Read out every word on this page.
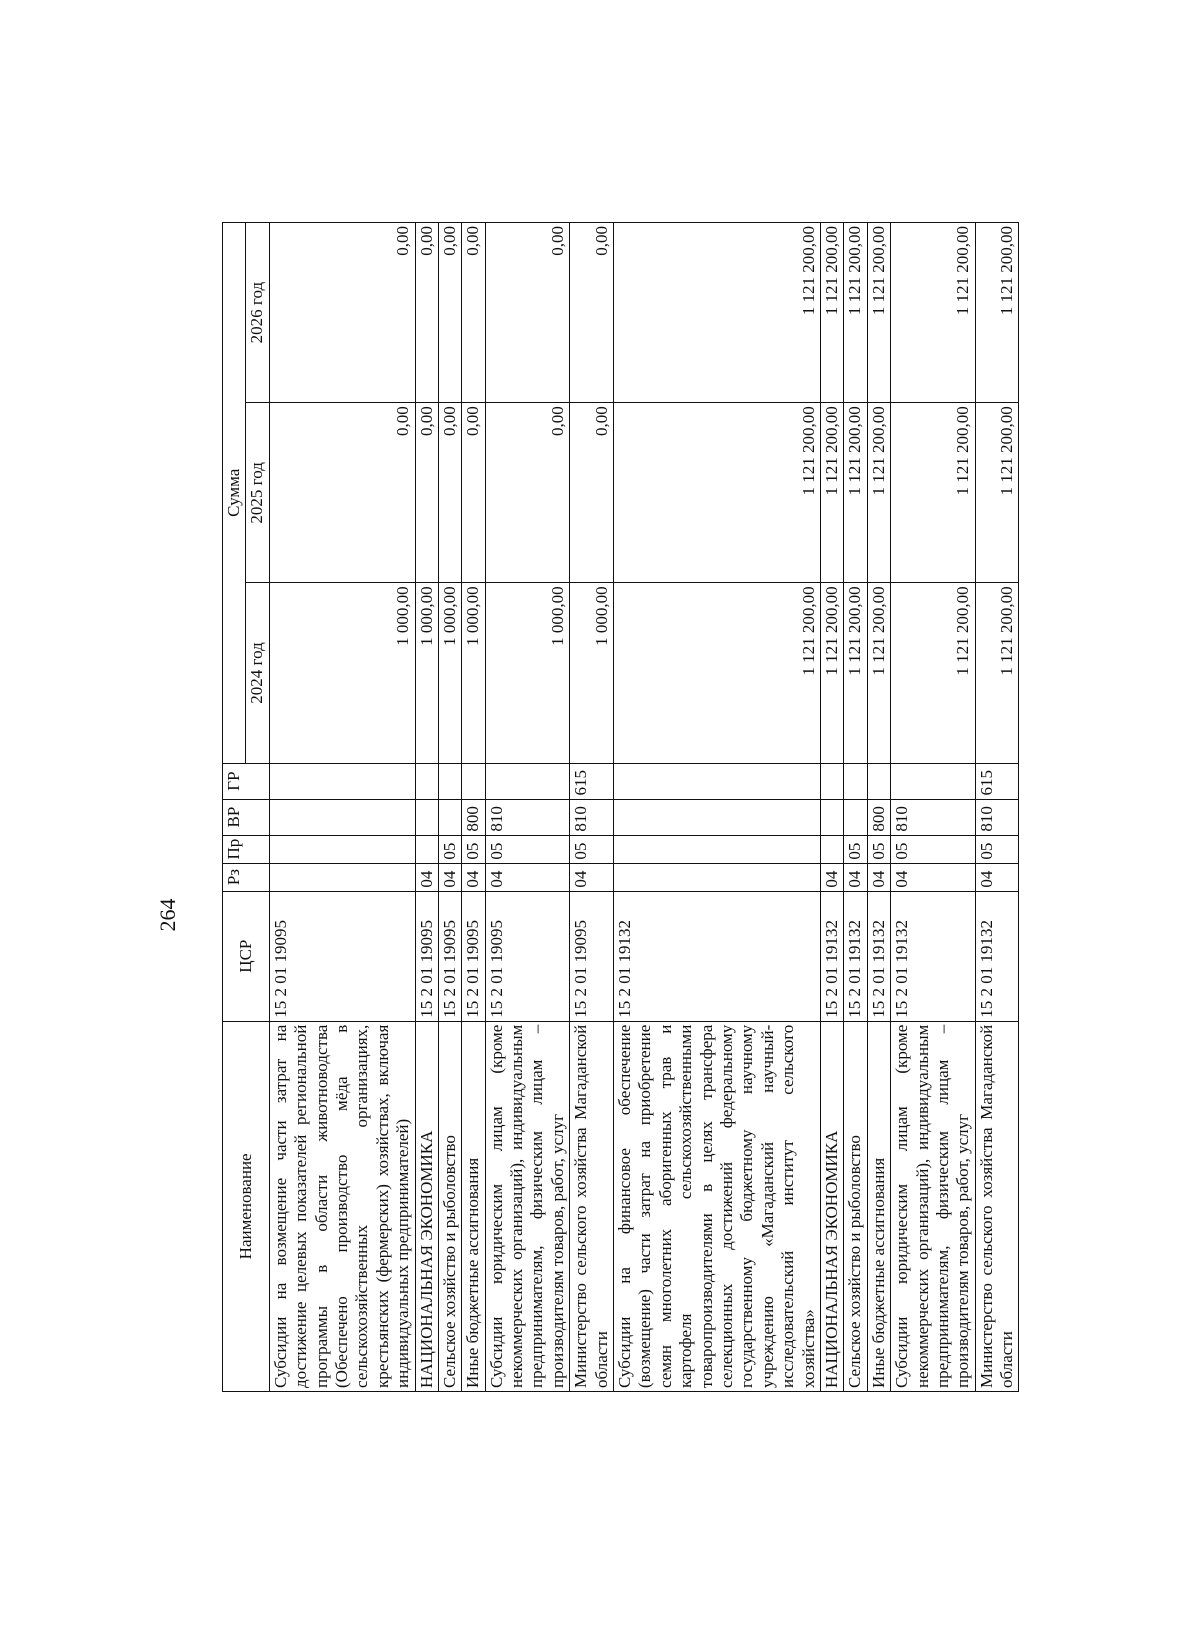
264
Наименование	ЦСР	Рз	Пр	ВР	ГР	Сумма		
						2024 год	2025 год	2026 год
Субсидии на возмещение части затрат на достижение целевых показателей региональной программы в области животноводства (Обеспечено производство мёда в сельскохозяйственных организациях, крестьянских (фермерских) хозяйствах, включая индивидуальных предпринимателей)	15 2 01 19095					1 000,00	0,00	0,00
НАЦИОНАЛЬНАЯ ЭКОНОМИКА	15 2 01 19095	04				1 000,00	0,00	0,00
Сельское хозяйство и рыболовство	15 2 01 19095	04	05			1 000,00	0,00	0,00
Иные бюджетные ассигнования	15 2 01 19095	04	05	800		1 000,00	0,00	0,00
Субсидии юридическим лицам (кроме некоммерческих организаций), индивидуальным предпринимателям, физическим лицам – производителям товаров, работ, услуг	15 2 01 19095	04	05	810		1 000,00	0,00	0,00
Министерство сельского хозяйства Магаданской области	15 2 01 19095	04	05	810	615	1 000,00	0,00	0,00
Субсидии на финансовое обеспечение (возмещение) части затрат на приобретение семян многолетних аборигенных трав и картофеля сельскохозяйственными товаропроизводителями в целях трансфера селекционных достижений федеральному государственному бюджетному научному учреждению «Магаданский научный-исследовательский институт сельского хозяйства»	15 2 01 19132					1 121 200,00	1 121 200,00	1 121 200,00
НАЦИОНАЛЬНАЯ ЭКОНОМИКА	15 2 01 19132	04				1 121 200,00	1 121 200,00	1 121 200,00
Сельское хозяйство и рыболовство	15 2 01 19132	04	05			1 121 200,00	1 121 200,00	1 121 200,00
Иные бюджетные ассигнования	15 2 01 19132	04	05	800		1 121 200,00	1 121 200,00	1 121 200,00
Субсидии юридическим лицам (кроме некоммерческих организаций), индивидуальным предпринимателям, физическим лицам – производителям товаров, работ, услуг	15 2 01 19132	04	05	810		1 121 200,00	1 121 200,00	1 121 200,00
Министерство сельского хозяйства Магаданской области	15 2 01 19132	04	05	810	615	1 121 200,00	1 121 200,00	1 121 200,00
